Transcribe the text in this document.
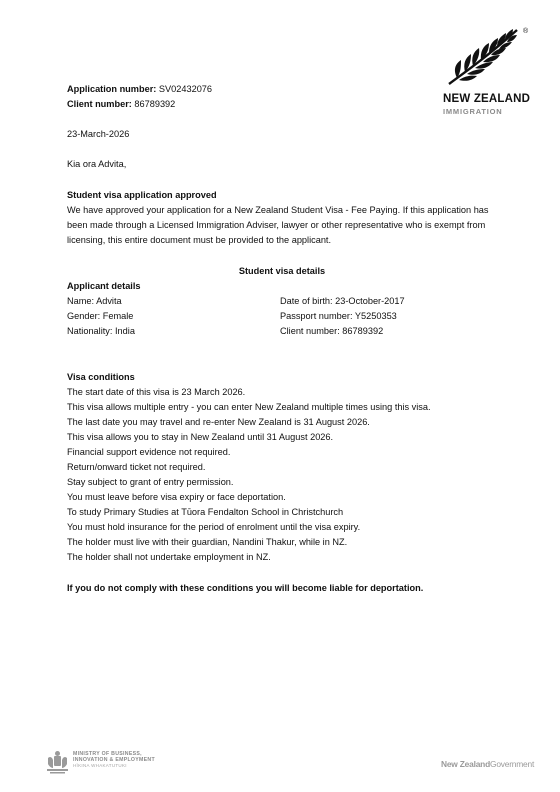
®
NEW ZEALAND
IMMIGRATION
Application number: SV02432076
Client number: 86789392
23-March-2026
Kia ora Advita,
Student visa application approved
We have approved your application for a New Zealand Student Visa - Fee Paying. If this application has been made through a Licensed Immigration Adviser, lawyer or other representative who is exempt from licensing, this entire document must be provided to the applicant.
Student visa details
Applicant details
Name: Advita
Gender: Female
Nationality: India
Date of birth: 23-October-2017
Passport number: Y5250353
Client number: 86789392
Visa conditions
The start date of this visa is 23 March 2026.
This visa allows multiple entry - you can enter New Zealand multiple times using this visa.
The last date you may travel and re-enter New Zealand is 31 August 2026.
This visa allows you to stay in New Zealand until 31 August 2026.
Financial support evidence not required.
Return/onward ticket not required.
Stay subject to grant of entry permission.
You must leave before visa expiry or face deportation.
To study Primary Studies at Tūora Fendalton School in Christchurch
You must hold insurance for the period of enrolment until the visa expiry.
The holder must live with their guardian, Nandini Thakur, while in NZ.
The holder shall not undertake employment in NZ.
If you do not comply with these conditions you will become liable for deportation.
MINISTRY OF BUSINESS,
INNOVATION & EMPLOYMENT
HĪKINA WHAKATUTUKI	New ZealandGovernment
